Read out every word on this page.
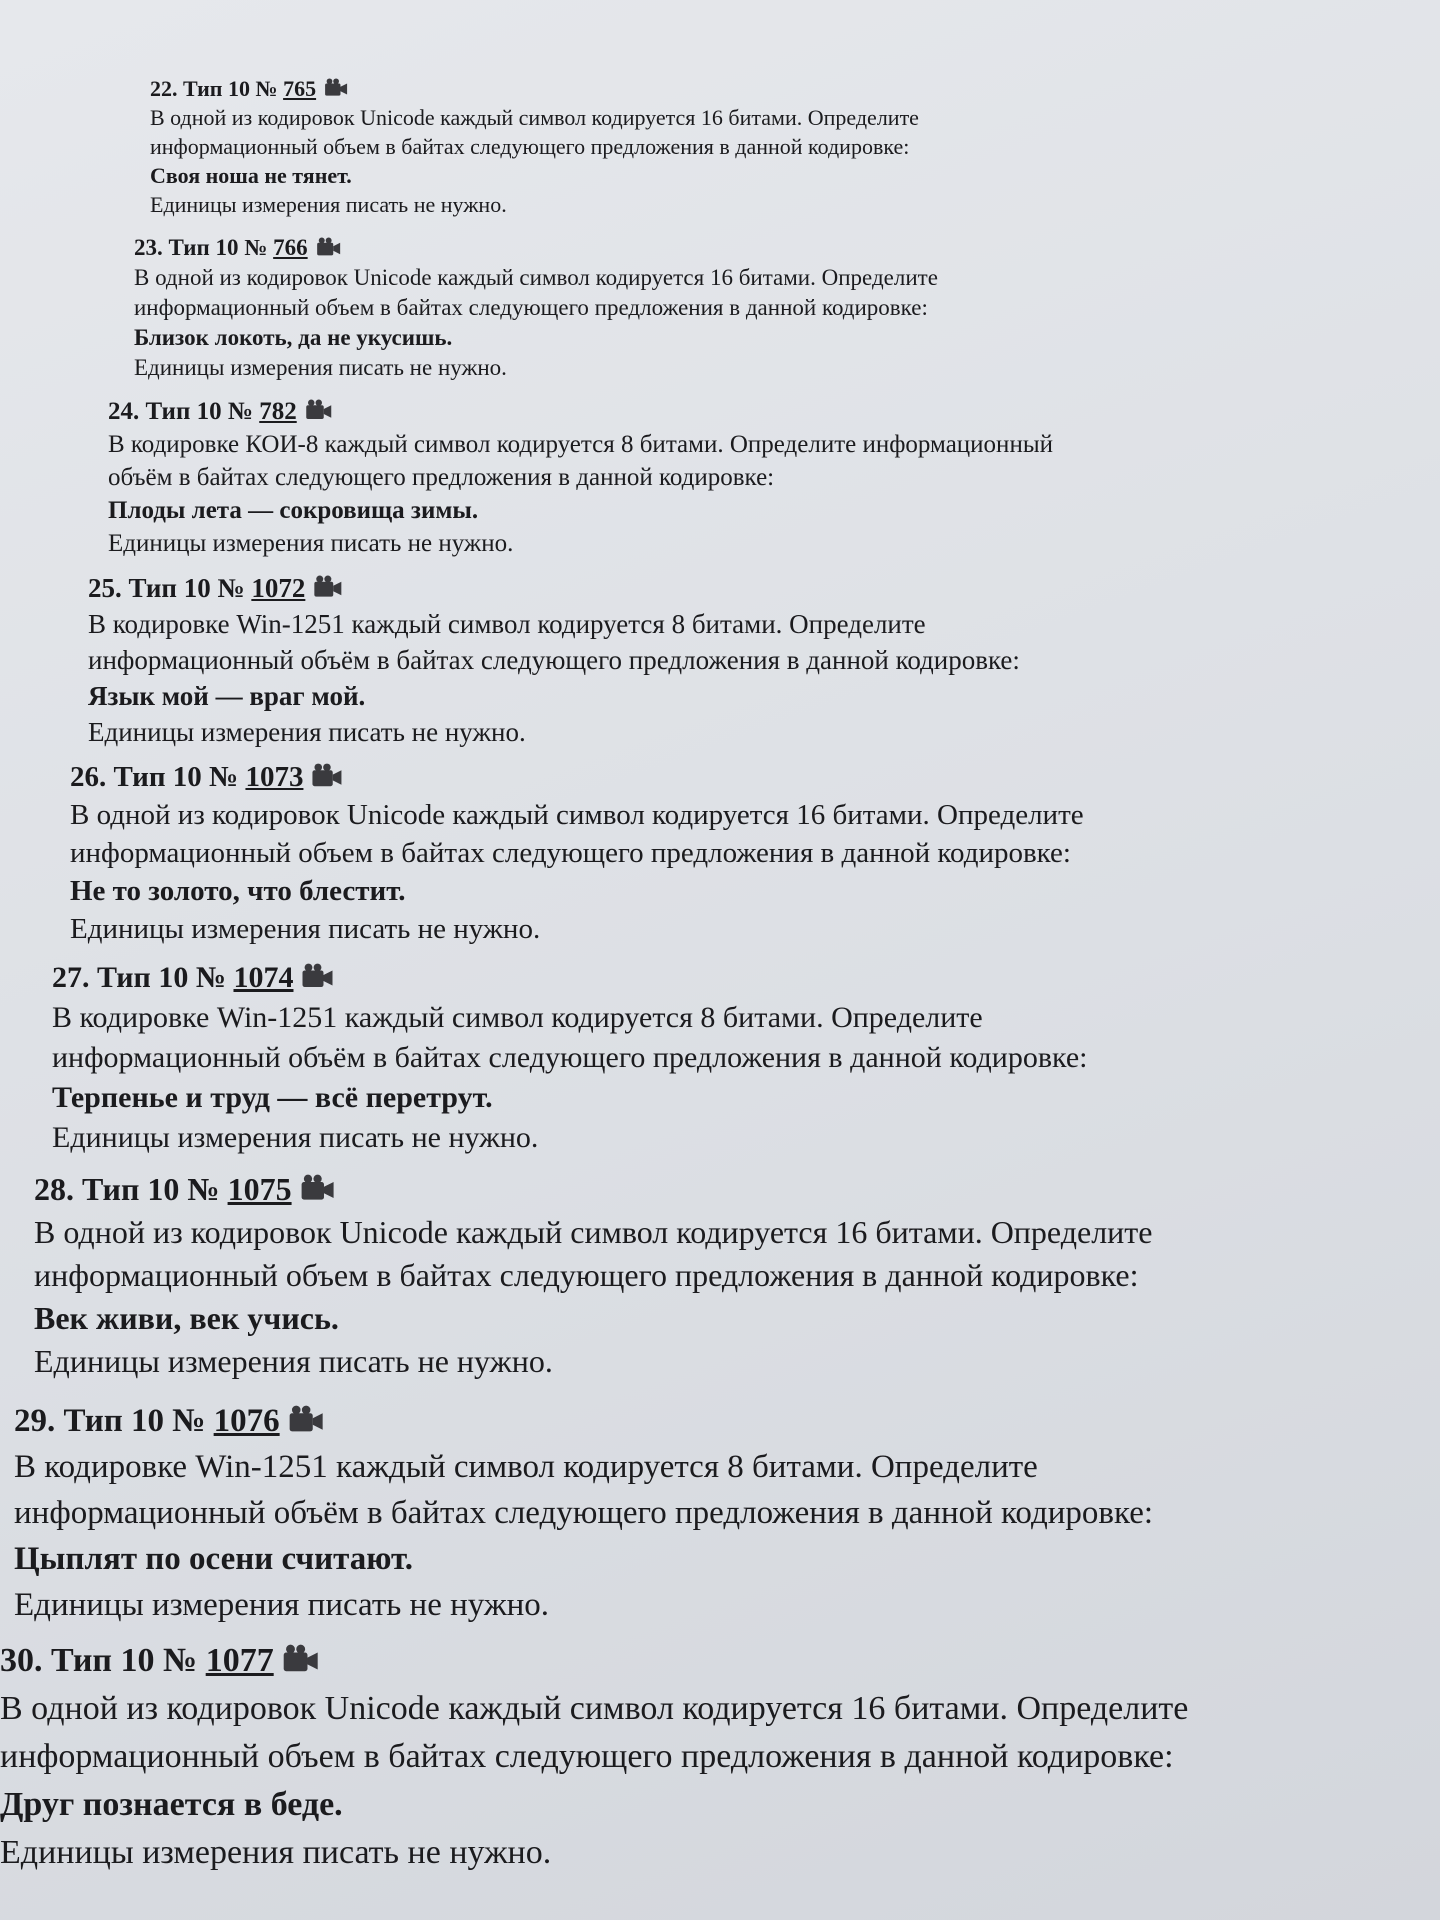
22. Тип 10 № 765
В одной из кодировок Unicode каждый символ кодируется 16 битами. Определите
информационный объем в байтах следующего предложения в данной кодировке:
Своя ноша не тянет.
Единицы измерения писать не нужно.
23. Тип 10 № 766
В одной из кодировок Unicode каждый символ кодируется 16 битами. Определите
информационный объем в байтах следующего предложения в данной кодировке:
Близок локоть, да не укусишь.
Единицы измерения писать не нужно.
24. Тип 10 № 782
В кодировке КОИ-8 каждый символ кодируется 8 битами. Определите информационный
объём в байтах следующего предложения в данной кодировке:
Плоды лета — сокровища зимы.
Единицы измерения писать не нужно.
25. Тип 10 № 1072
В кодировке Win-1251 каждый символ кодируется 8 битами. Определите
информационный объём в байтах следующего предложения в данной кодировке:
Язык мой — враг мой.
Единицы измерения писать не нужно.
26. Тип 10 № 1073
В одной из кодировок Unicode каждый символ кодируется 16 битами. Определите
информационный объем в байтах следующего предложения в данной кодировке:
Не то золото, что блестит.
Единицы измерения писать не нужно.
27. Тип 10 № 1074
В кодировке Win-1251 каждый символ кодируется 8 битами. Определите
информационный объём в байтах следующего предложения в данной кодировке:
Терпенье и труд — всё перетрут.
Единицы измерения писать не нужно.
28. Тип 10 № 1075
В одной из кодировок Unicode каждый символ кодируется 16 битами. Определите
информационный объем в байтах следующего предложения в данной кодировке:
Век живи, век учись.
Единицы измерения писать не нужно.
29. Тип 10 № 1076
В кодировке Win-1251 каждый символ кодируется 8 битами. Определите
информационный объём в байтах следующего предложения в данной кодировке:
Цыплят по осени считают.
Единицы измерения писать не нужно.
30. Тип 10 № 1077
В одной из кодировок Unicode каждый символ кодируется 16 битами. Определите
информационный объем в байтах следующего предложения в данной кодировке:
Друг познается в беде.
Единицы измерения писать не нужно.
